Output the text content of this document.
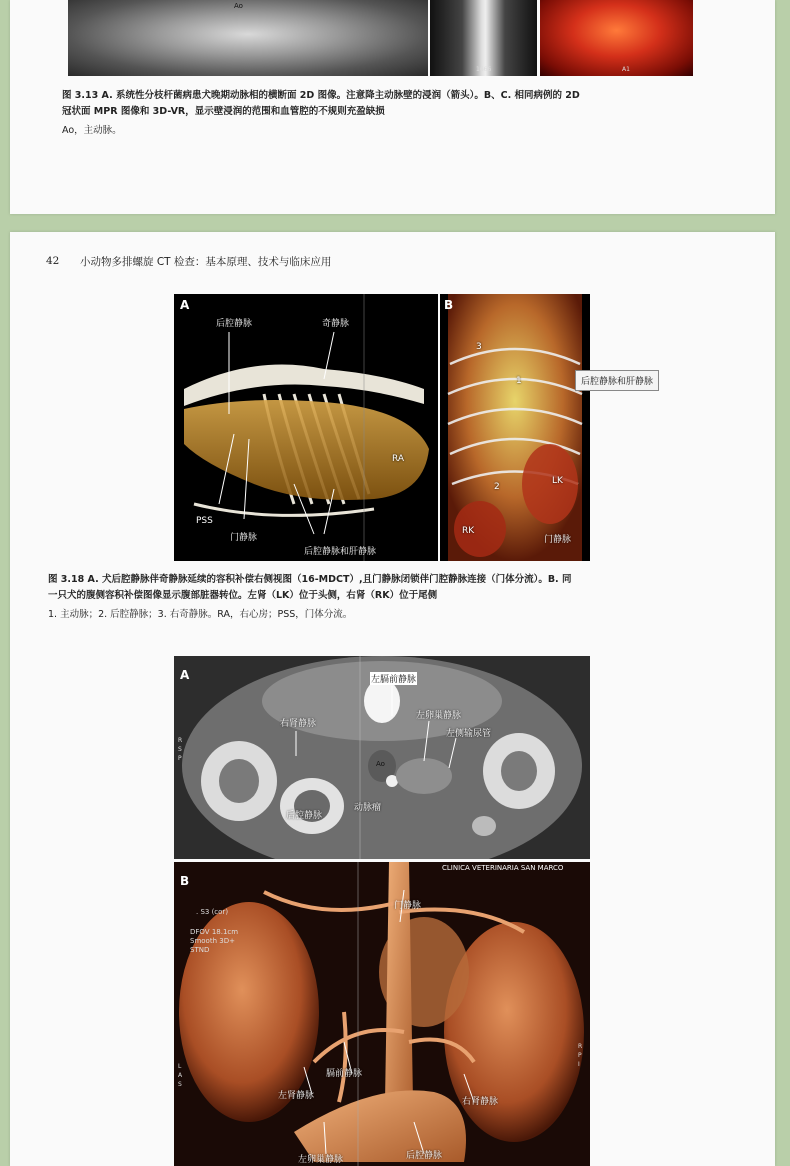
Ao
1666	A1
图 3.13 A. 系统性分枝杆菌病患犬晚期动脉相的横断面 2D 图像。注意降主动脉壁的浸润（箭头）。B、C. 相同病例的 2D
冠状面 MPR 图像和 3D-VR，显示壁浸润的范围和血管腔的不规则充盈缺损
Ao，主动脉。
42 小动物多排螺旋 CT 检查：基本原理、技术与临床应用
A
后腔静脉	奇静脉
RA
PSS
门静脉
后腔静脉和肝静脉
B
3
1
2
LK
RK
门静脉
后腔静脉和肝静脉
图 3.18 A. 犬后腔静脉伴奇静脉延续的容积补偿右侧视图（16-MDCT）,且门静脉闭锁伴门腔静脉连接（门体分流）。B. 同
一只犬的腹侧容积补偿图像显示腹部脏器转位。左肾（LK）位于头侧，右肾（RK）位于尾侧
1. 主动脉；2. 后腔静脉；3. 右奇静脉。RA，右心房；PSS，门体分流。
A	左膈前静脉
右肾静脉
左卵巢静脉
左侧输尿管
Ao
后腔静脉
动脉瘤
R S P
B
CLINICA VETERINARIA SAN MARCO
. S3 (cor)
DFOV 18.1cm
Smooth 3D+
STND
L A S
R P I
门静脉
膈前静脉
左肾静脉
右肾静脉
左卵巢静脉	后腔静脉
